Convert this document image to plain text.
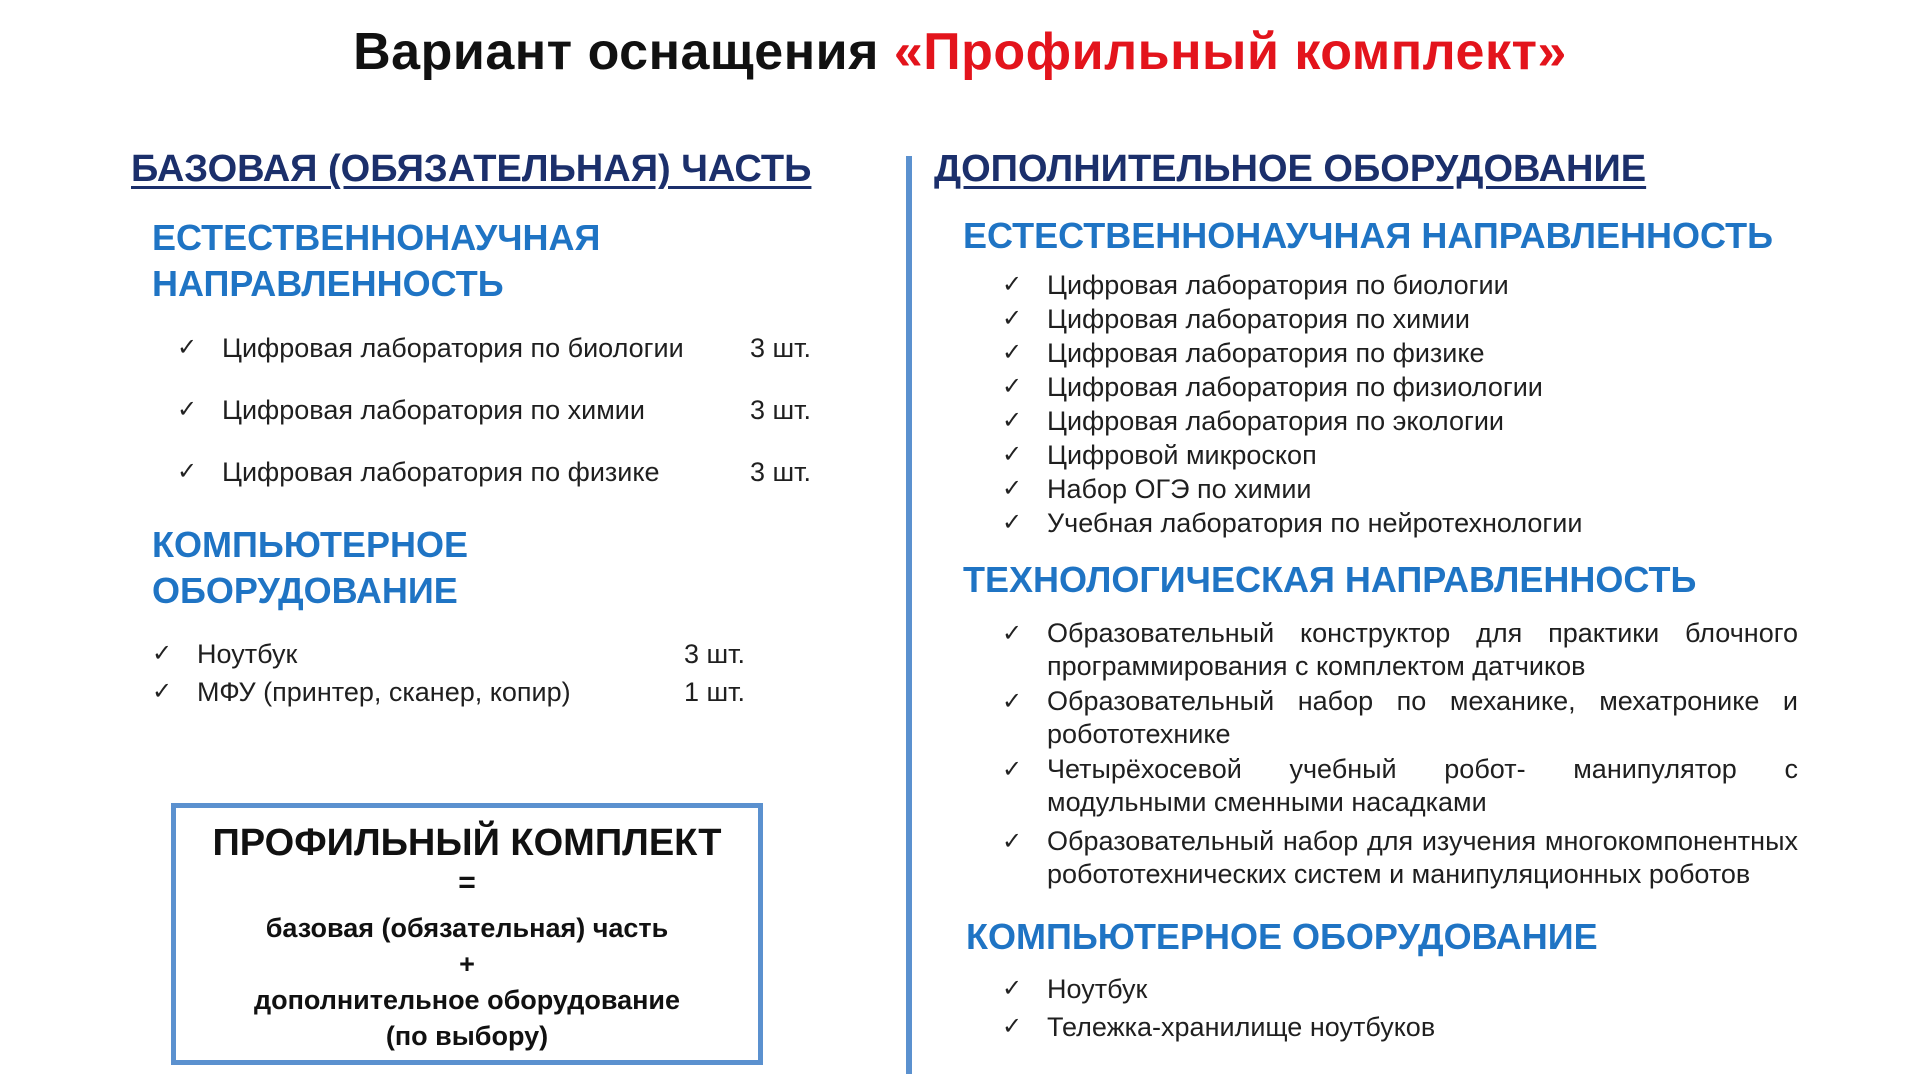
Вариант оснащения «Профильный комплект»
БАЗОВАЯ (ОБЯЗАТЕЛЬНАЯ) ЧАСТЬ
ЕСТЕСТВЕННОНАУЧНАЯ
НАПРАВЛЕННОСТЬ
✓ Цифровая лаборатория по биологии 3 шт.
✓ Цифровая лаборатория по химии	3 шт.
✓ Цифровая лаборатория по физике	3 шт.
КОМПЬЮТЕРНОЕ
ОБОРУДОВАНИЕ
✓ Ноутбук	3 шт.
✓ МФУ (принтер, сканер, копир)	1 шт.
ПРОФИЛЬНЫЙ КОМПЛЕКТ
=
базовая (обязательная) часть
+
дополнительное оборудование
(по выбору)
ДОПОЛНИТЕЛЬНОЕ ОБОРУДОВАНИЕ
ЕСТЕСТВЕННОНАУЧНАЯ НАПРАВЛЕННОСТЬ
✓ Цифровая лаборатория по биологии
✓ Цифровая лаборатория по химии
✓ Цифровая лаборатория по физике
✓ Цифровая лаборатория по физиологии
✓ Цифровая лаборатория по экологии
✓ Цифровой микроскоп
✓ Набор ОГЭ по химии
✓ Учебная лаборатория по нейротехнологии
ТЕХНОЛОГИЧЕСКАЯ НАПРАВЛЕННОСТЬ
✓ Образовательный конструктор для практики блочного программирования с комплектом датчиков
✓ Образовательный набор по механике, мехатронике и робототехнике
✓ Четырёхосевой учебный робот- манипулятор с модульными сменными насадками
✓ Образовательный набор для изучения многокомпонентных робототехнических систем и манипуляционных роботов
КОМПЬЮТЕРНОЕ ОБОРУДОВАНИЕ
✓ Ноутбук
✓ Тележка-хранилище ноутбуков
